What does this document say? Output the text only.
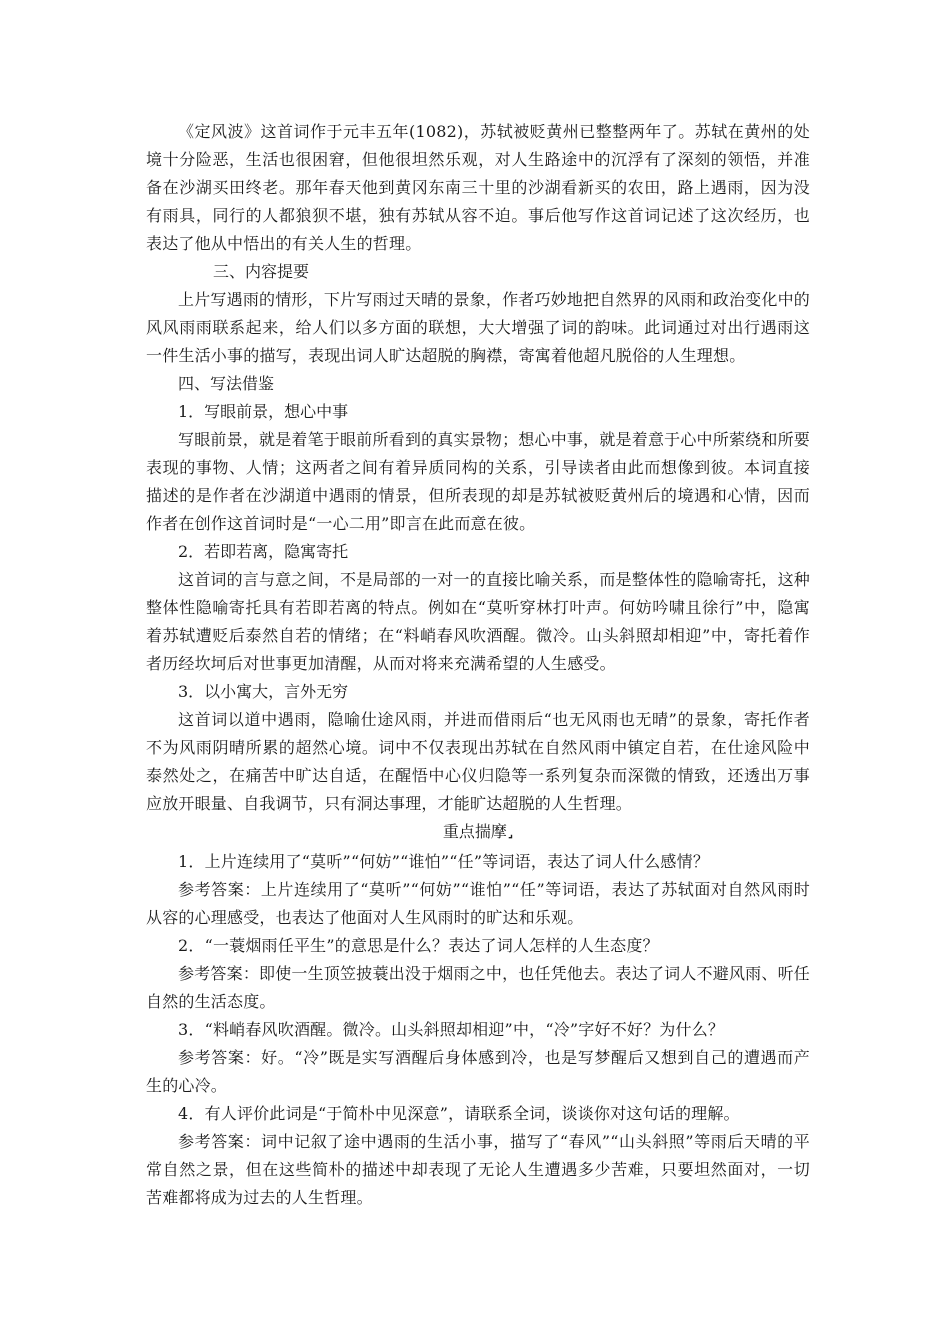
《定风波》这首词作于元丰五年(1082)，苏轼被贬黄州已整整两年了。苏轼在黄州的处境十分险恶，生活也很困窘，但他很坦然乐观，对人生路途中的沉浮有了深刻的领悟，并准备在沙湖买田终老。那年春天他到黄冈东南三十里的沙湖看新买的农田，路上遇雨，因为没有雨具，同行的人都狼狈不堪，独有苏轼从容不迫。事后他写作这首词记述了这次经历，也表达了他从中悟出的有关人生的哲理。

三、内容提要

上片写遇雨的情形，下片写雨过天晴的景象，作者巧妙地把自然界的风雨和政治变化中的风风雨雨联系起来，给人们以多方面的联想，大大增强了词的韵味。此词通过对出行遇雨这一件生活小事的描写，表现出词人旷达超脱的胸襟，寄寓着他超凡脱俗的人生理想。

四、写法借鉴

1．写眼前景，想心中事

写眼前景，就是着笔于眼前所看到的真实景物；想心中事，就是着意于心中所萦绕和所要表现的事物、人情；这两者之间有着异质同构的关系，引导读者由此而想像到彼。本词直接描述的是作者在沙湖道中遇雨的情景，但所表现的却是苏轼被贬黄州后的境遇和心情，因而作者在创作这首词时是“一心二用”即言在此而意在彼。

2．若即若离，隐寓寄托

这首词的言与意之间，不是局部的一对一的直接比喻关系，而是整体性的隐喻寄托，这种整体性隐喻寄托具有若即若离的特点。例如在“莫听穿林打叶声。何妨吟啸且徐行”中，隐寓着苏轼遭贬后泰然自若的情绪；在“料峭春风吹酒醒。微冷。山头斜照却相迎”中，寄托着作者历经坎坷后对世事更加清醒，从而对将来充满希望的人生感受。

3．以小寓大，言外无穷

这首词以道中遇雨，隐喻仕途风雨，并进而借雨后“也无风雨也无晴”的景象，寄托作者不为风雨阴晴所累的超然心境。词中不仅表现出苏轼在自然风雨中镇定自若，在仕途风险中泰然处之，在痛苦中旷达自适，在醒悟中心仪归隐等一系列复杂而深微的情致，还透出万事应放开眼量、自我调节，只有洞达事理，才能旷达超脱的人生哲理。

重点揣摩⌟

1．上片连续用了“莫听”“何妨”“谁怕”“任”等词语，表达了词人什么感情？

参考答案：上片连续用了“莫听”“何妨”“谁怕”“任”等词语，表达了苏轼面对自然风雨时从容的心理感受，也表达了他面对人生风雨时的旷达和乐观。

2．“一蓑烟雨任平生”的意思是什么？表达了词人怎样的人生态度？

参考答案：即使一生顶笠披蓑出没于烟雨之中，也任凭他去。表达了词人不避风雨、听任自然的生活态度。

3．“料峭春风吹酒醒。微冷。山头斜照却相迎”中，“冷”字好不好？为什么？

参考答案：好。“冷”既是实写酒醒后身体感到冷，也是写梦醒后又想到自己的遭遇而产生的心冷。

4．有人评价此词是“于简朴中见深意”，请联系全词，谈谈你对这句话的理解。

参考答案：词中记叙了途中遇雨的生活小事，描写了“春风”“山头斜照”等雨后天晴的平常自然之景，但在这些简朴的描述中却表现了无论人生遭遇多少苦难，只要坦然面对，一切苦难都将成为过去的人生哲理。
